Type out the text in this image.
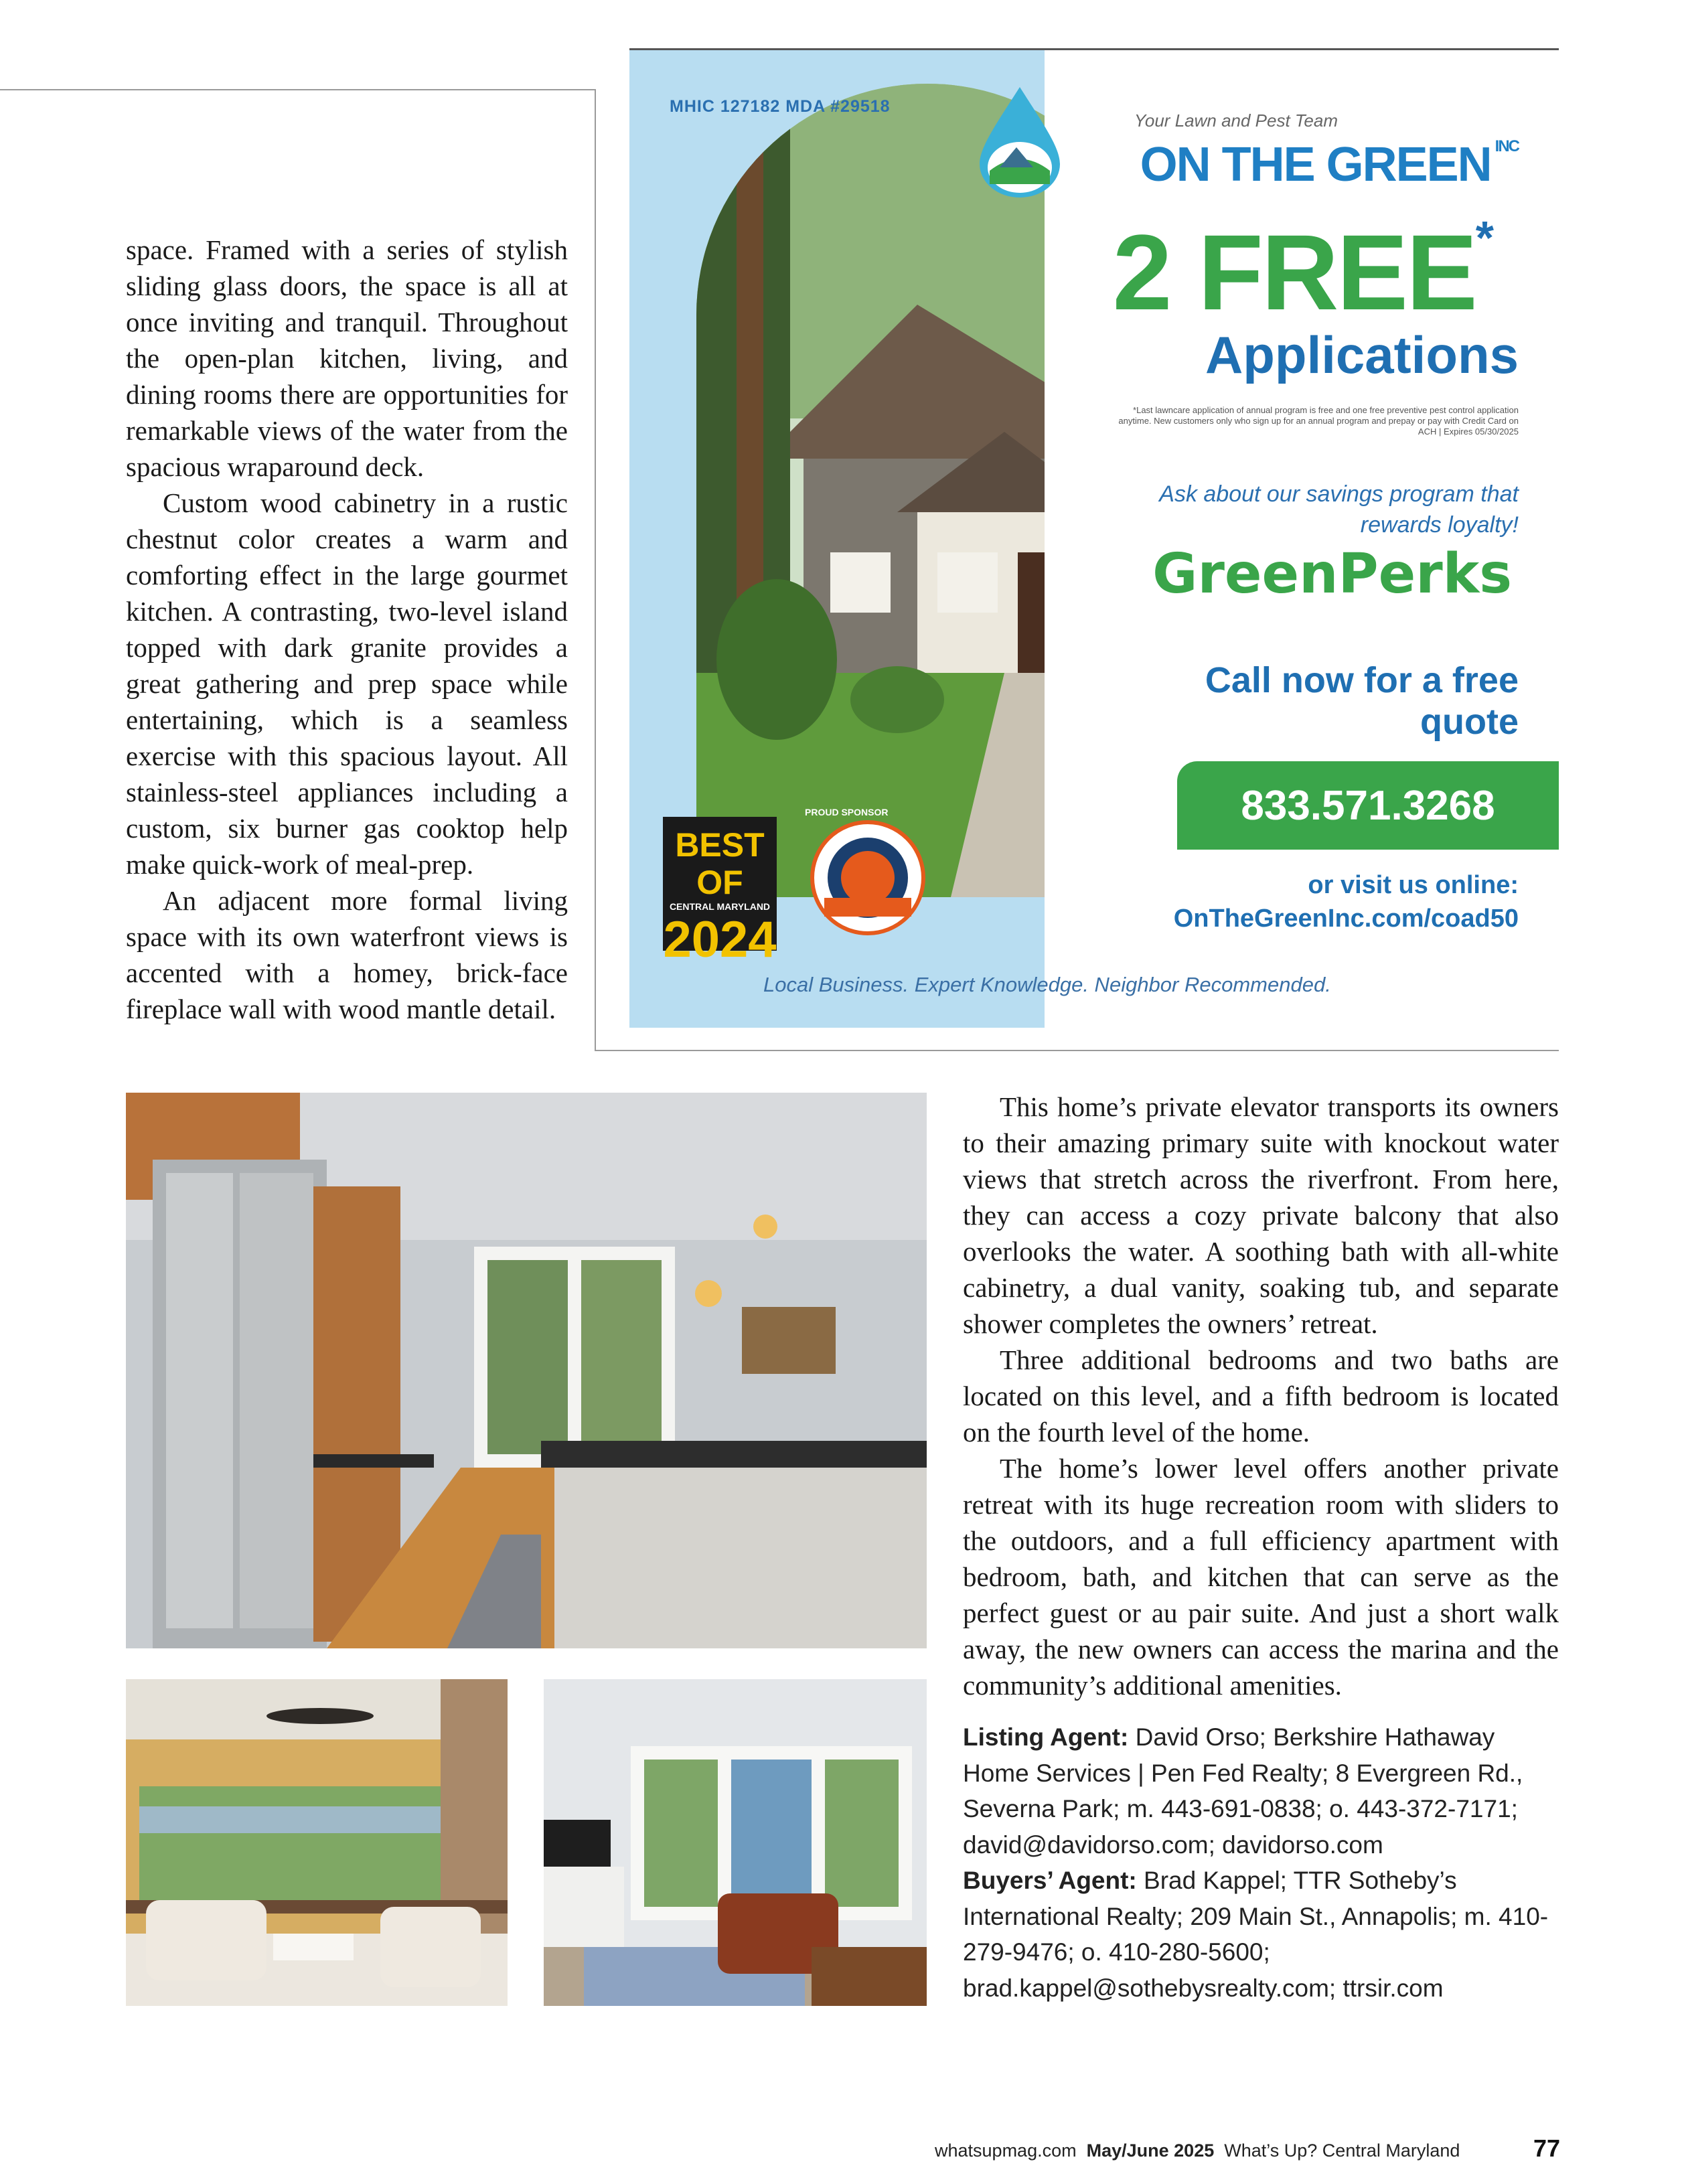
space. Framed with a series of stylish sliding glass doors, the space is all at once inviting and tranquil. Throughout the open-plan kitchen, living, and dining rooms there are opportunities for remarkable views of the water from the spacious wraparound deck.

Custom wood cabinetry in a rustic chestnut color creates a warm and comforting effect in the large gourmet kitchen. A contrasting, two-level island topped with dark granite provides a great gathering and prep space while entertaining, which is a seamless exercise with this spacious layout. All stainless-steel appliances including a custom, six burner gas cooktop help make quick-work of meal-prep.

An adjacent more formal living space with its own waterfront views is accented with a homey, brick-face fireplace wall with wood mantle detail.

MHIC 127182 MDA #29518
Your Lawn and Pest Team
ON THE GREEN $^{INC}$
2 FREE*
Applications
*Last lawncare application of annual program is free and one free preventive pest control application anytime. New customers only who sign up for an annual program and prepay or pay with Credit Card on ACH | Expires 05/30/2025
Ask about our savings program that rewards loyalty!
GreenPerks
Call now for a free quote
833.571.3268
or visit us online:
OnTheGreenInc.com/coad50
PROUD SPONSOR
BEST OF
CENTRAL MARYLAND
2024
Local Business. Expert Knowledge. Neighbor Recommended.

This home’s private elevator transports its owners to their amazing primary suite with knockout water views that stretch across the riverfront. From here, they can access a cozy private balcony that also overlooks the water. A soothing bath with all-white cabinetry, a dual vanity, soaking tub, and separate shower completes the owners’ retreat.

Three additional bedrooms and two baths are located on this level, and a fifth bedroom is located on the fourth level of the home.

The home’s lower level offers another private retreat with its huge recreation room with sliders to the outdoors, and a full efficiency apartment with bedroom, bath, and kitchen that can serve as the perfect guest or au pair suite. And just a short walk away, the new owners can access the marina and the community’s additional amenities.

Listing Agent: David Orso; Berkshire Hathaway Home Services | Pen Fed Realty; 8 Evergreen Rd., Severna Park; m. 443-691-0838; o. 443-372-7171; david@davidorso.com; davidorso.com
Buyers’ Agent: Brad Kappel; TTR Sotheby’s International Realty; 209 Main St., Annapolis; m. 410-279-9476; o. 410-280-5600; brad.kappel@sothebysrealty.com; ttrsir.com
whatsupmag.com May/June 2025 What’s Up? Central Maryland	77
